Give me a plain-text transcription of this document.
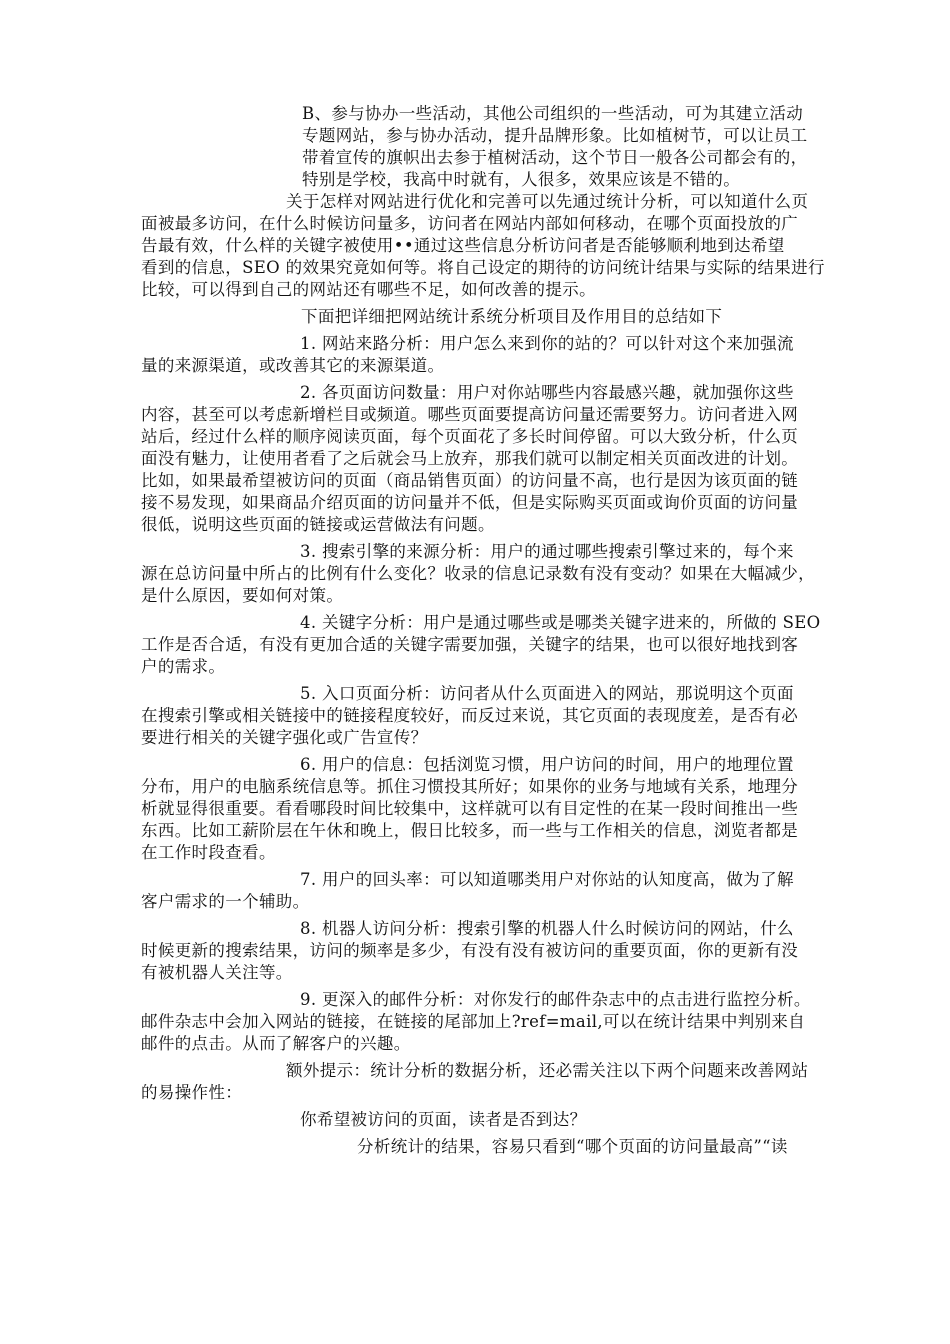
B、参与协办一些活动，其他公司组织的一些活动，可为其建立活动
专题网站，参与协办活动，提升品牌形象。比如植树节，可以让员工
带着宣传的旗帜出去参于植树活动，这个节日一般各公司都会有的，
特别是学校，我高中时就有，人很多，效果应该是不错的。
关于怎样对网站进行优化和完善可以先通过统计分析，可以知道什么页
面被最多访问，在什么时候访问量多，访问者在网站内部如何移动，在哪个页面投放的广
告最有效，什么样的关键字被使用••通过这些信息分析访问者是否能够顺利地到达希望
看到的信息，SEO 的效果究竟如何等。将自己设定的期待的访问统计结果与实际的结果进行
比较，可以得到自己的网站还有哪些不足，如何改善的提示。
下面把详细把网站统计系统分析项目及作用目的总结如下
1. 网站来路分析：用户怎么来到你的站的？可以针对这个来加强流
量的来源渠道，或改善其它的来源渠道。
2. 各页面访问数量：用户对你站哪些内容最感兴趣，就加强你这些
内容，甚至可以考虑新增栏目或频道。哪些页面要提高访问量还需要努力。访问者进入网
站后，经过什么样的顺序阅读页面，每个页面花了多长时间停留。可以大致分析，什么页
面没有魅力，让使用者看了之后就会马上放弃，那我们就可以制定相关页面改进的计划。
比如，如果最希望被访问的页面（商品销售页面）的访问量不高，也行是因为该页面的链
接不易发现，如果商品介绍页面的访问量并不低，但是实际购买页面或询价页面的访问量
很低，说明这些页面的链接或运营做法有问题。
3. 搜索引擎的来源分析：用户的通过哪些搜索引擎过来的，每个来
源在总访问量中所占的比例有什么变化？收录的信息记录数有没有变动？如果在大幅减少，
是什么原因，要如何对策。
4. 关键字分析：用户是通过哪些或是哪类关键字进来的，所做的 SEO
工作是否合适，有没有更加合适的关键字需要加强，关键字的结果，也可以很好地找到客
户的需求。
5. 入口页面分析：访问者从什么页面进入的网站，那说明这个页面
在搜索引擎或相关链接中的链接程度较好，而反过来说，其它页面的表现度差，是否有必
要进行相关的关键字强化或广告宣传？
6. 用户的信息：包括浏览习惯，用户访问的时间，用户的地理位置
分布，用户的电脑系统信息等。抓住习惯投其所好；如果你的业务与地域有关系，地理分
析就显得很重要。看看哪段时间比较集中，这样就可以有目定性的在某一段时间推出一些
东西。比如工薪阶层在午休和晚上，假日比较多，而一些与工作相关的信息，浏览者都是
在工作时段查看。
7. 用户的回头率：可以知道哪类用户对你站的认知度高，做为了解
客户需求的一个辅助。
8. 机器人访问分析：搜索引擎的机器人什么时候访问的网站，什么
时候更新的搜索结果，访问的频率是多少，有没有没有被访问的重要页面，你的更新有没
有被机器人关注等。
9. 更深入的邮件分析：对你发行的邮件杂志中的点击进行监控分析。
邮件杂志中会加入网站的链接，在链接的尾部加上?ref=mail,可以在统计结果中判别来自
邮件的点击。从而了解客户的兴趣。
额外提示：统计分析的数据分析，还必需关注以下两个问题来改善网站
的易操作性：
你希望被访问的页面，读者是否到达？
分析统计的结果，容易只看到“哪个页面的访问量最高”“读
